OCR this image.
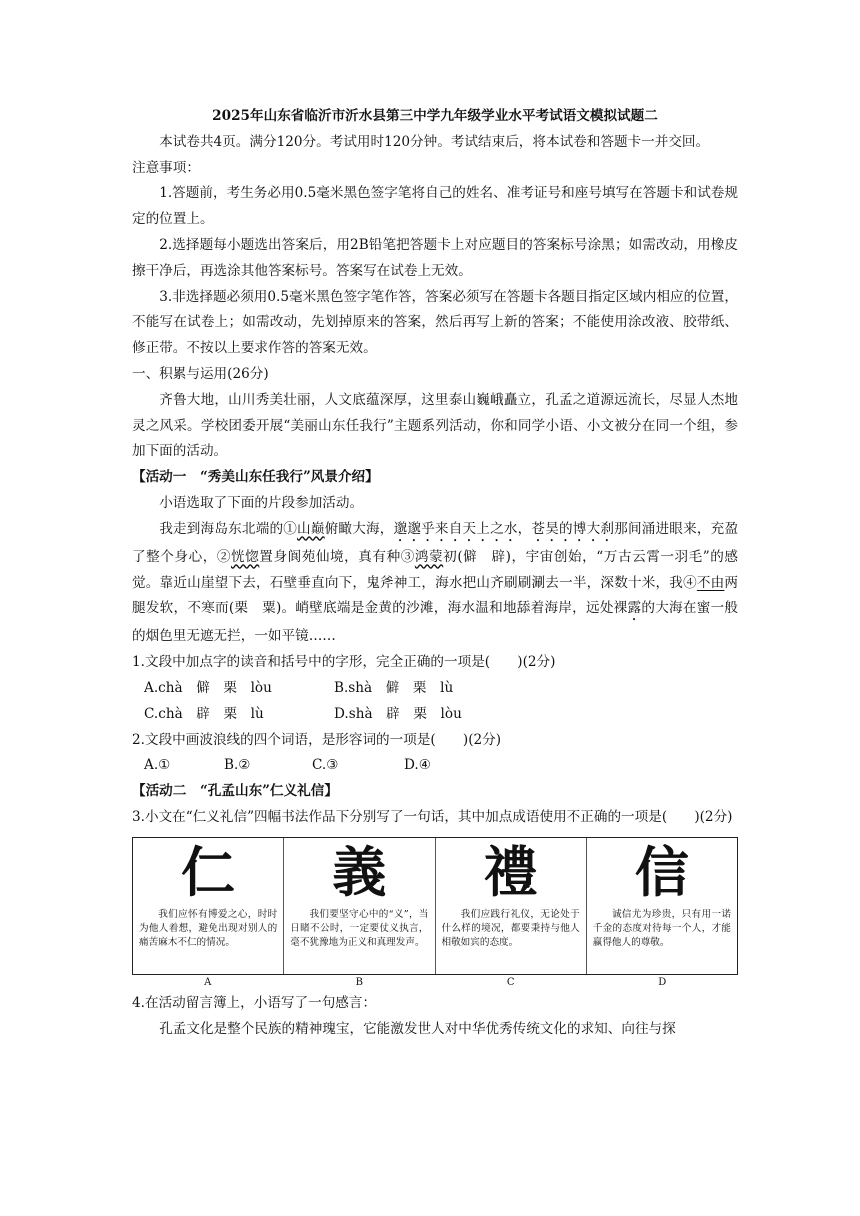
2025年山东省临沂市沂水县第三中学九年级学业水平考试语文模拟试题二

本试卷共4页。满分120分。考试用时120分钟。考试结束后，将本试卷和答题卡一并交回。

注意事项：

1.答题前，考生务必用0.5毫米黑色签字笔将自己的姓名、准考证号和座号填写在答题卡和试卷规定的位置上。

2.选择题每小题选出答案后，用2B铅笔把答题卡上对应题目的答案标号涂黑；如需改动，用橡皮擦干净后，再选涂其他答案标号。答案写在试卷上无效。

3.非选择题必须用0.5毫米黑色签字笔作答，答案必须写在答题卡各题目指定区域内相应的位置，不能写在试卷上；如需改动，先划掉原来的答案，然后再写上新的答案；不能使用涂改液、胶带纸、修正带。不按以上要求作答的答案无效。

一、积累与运用(26分)

齐鲁大地，山川秀美壮丽，人文底蕴深厚，这里泰山巍峨矗立，孔孟之道源远流长，尽显人杰地灵之风采。学校团委开展“美丽山东任我行”主题系列活动，你和同学小语、小文被分在同一个组，参加下面的活动。

【活动一　“秀美山东任我行”风景介绍】

小语选取了下面的片段参加活动。

我走到海岛东北端的①山巅俯瞰大海，邈邈乎来自天上之水，苍昊的博大刹那间涌进眼来，充盈了整个身心，②恍惚置身阆苑仙境，真有种③鸿蒙初(僻　辟)，宇宙创始，“万古云霄一羽毛”的感觉。靠近山崖望下去，石壁垂直向下，鬼斧神工，海水把山齐刷刷涮去一半，深数十米，我④不由两腿发软，不寒而(栗　粟)。峭壁底端是金黄的沙滩，海水温和地舔着海岸，远处裸露的大海在蜜一般的烟色里无遮无拦，一如平镜……

1.文段中加点字的读音和括号中的字形，完全正确的一项是(　　)(2分)

A.chà　僻　栗　lòu	B.shà　僻　栗　lù
C.chà　辟　栗　lù	D.shà　辟　栗　lòu

2.文段中画波浪线的四个词语，是形容词的一项是(　　)(2分)

A.①	B.②	C.③	D.④

【活动二　“孔孟山东”仁义礼信】

3.小文在“仁义礼信”四幅书法作品下分别写了一句话，其中加点成语使用不正确的一项是(　　)(2分)

仁
我们应怀有博爱之心，时时为他人着想，避免出现对别人的痛苦麻木不仁的情况。
義
我们要坚守心中的“义”，当日睹不公时，一定要仗义执言，毫不犹豫地为正义和真理发声。
禮
我们应践行礼仪，无论处于什么样的境况，都要秉持与他人相敬如宾的态度。
信
诚信尤为珍贵，只有用一诺千金的态度对待每一个人，才能赢得他人的尊敬。
A	B	C	D

4.在活动留言簿上，小语写了一句感言：

孔孟文化是整个民族的精神瑰宝，它能激发世人对中华优秀传统文化的求知、向往与探
